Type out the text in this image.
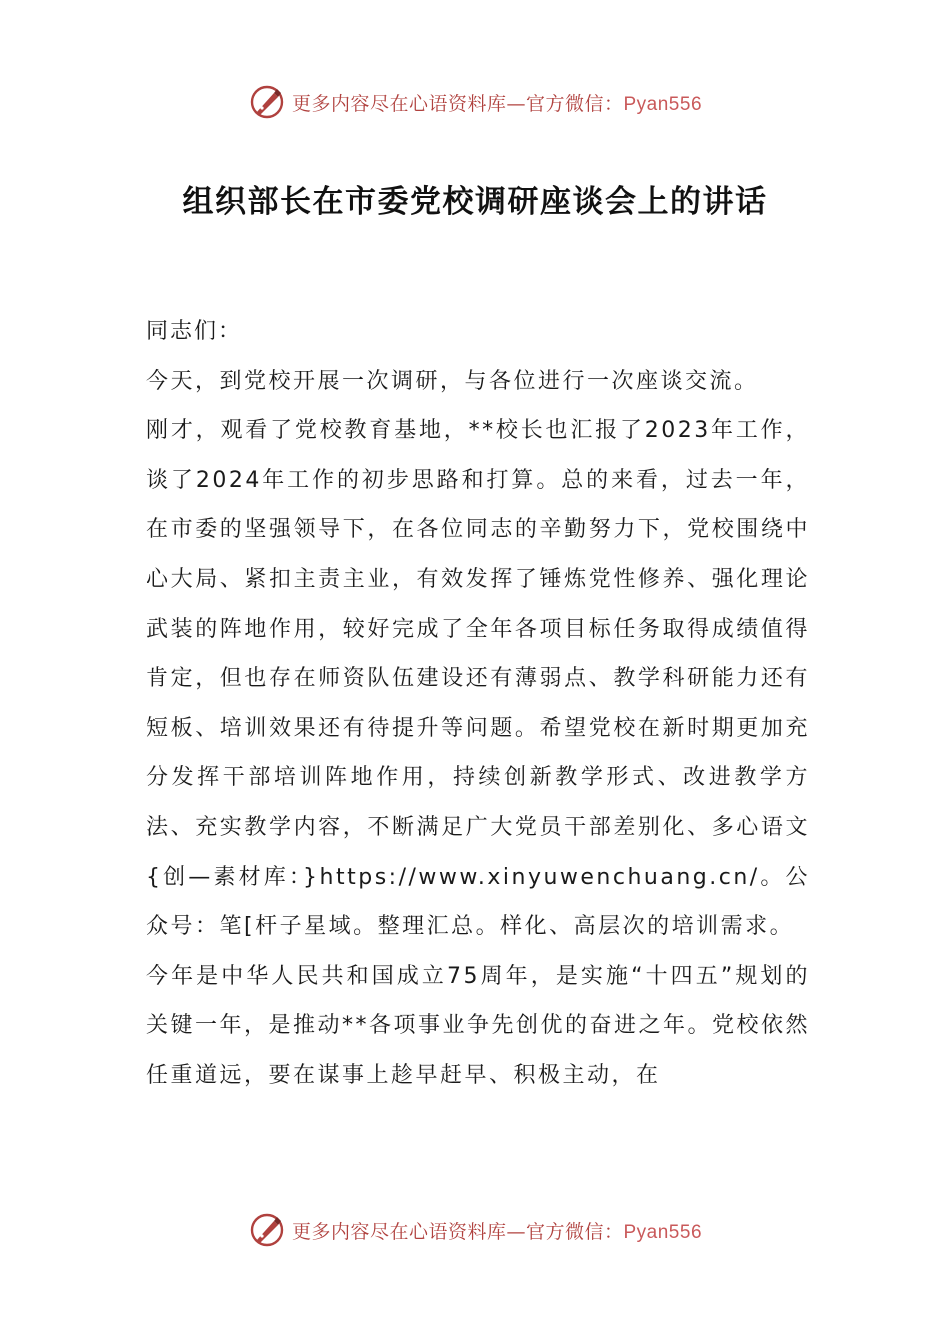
更多内容尽在心语资料库—官方微信：Pyan556
组织部长在市委党校调研座谈会上的讲话

同志们：

今天，到党校开展一次调研，与各位进行一次座谈交流。

刚才，观看了党校教育基地，**校长也汇报了2023年工作，谈了2024年工作的初步思路和打算。总的来看，过去一年，在市委的坚强领导下，在各位同志的辛勤努力下，党校围绕中心大局、紧扣主责主业，有效发挥了锤炼党性修养、强化理论武装的阵地作用，较好完成了全年各项目标任务取得成绩值得肯定，但也存在师资队伍建设还有薄弱点、教学科研能力还有短板、培训效果还有待提升等问题。希望党校在新时期更加充分发挥干部培训阵地作用，持续创新教学形式、改进教学方法、充实教学内容，不断满足广大党员干部差别化、多心语文{创—素材库：}https://www.xinyuwenchuang.cn/。公众号：笔[杆子星域。整理汇总。样化、高层次的培训需求。

今年是中华人民共和国成立75周年，是实施“十四五”规划的关键一年，是推动**各项事业争先创优的奋进之年。党校依然任重道远，要在谋事上趁早赶早、积极主动，在

更多内容尽在心语资料库—官方微信：Pyan556
